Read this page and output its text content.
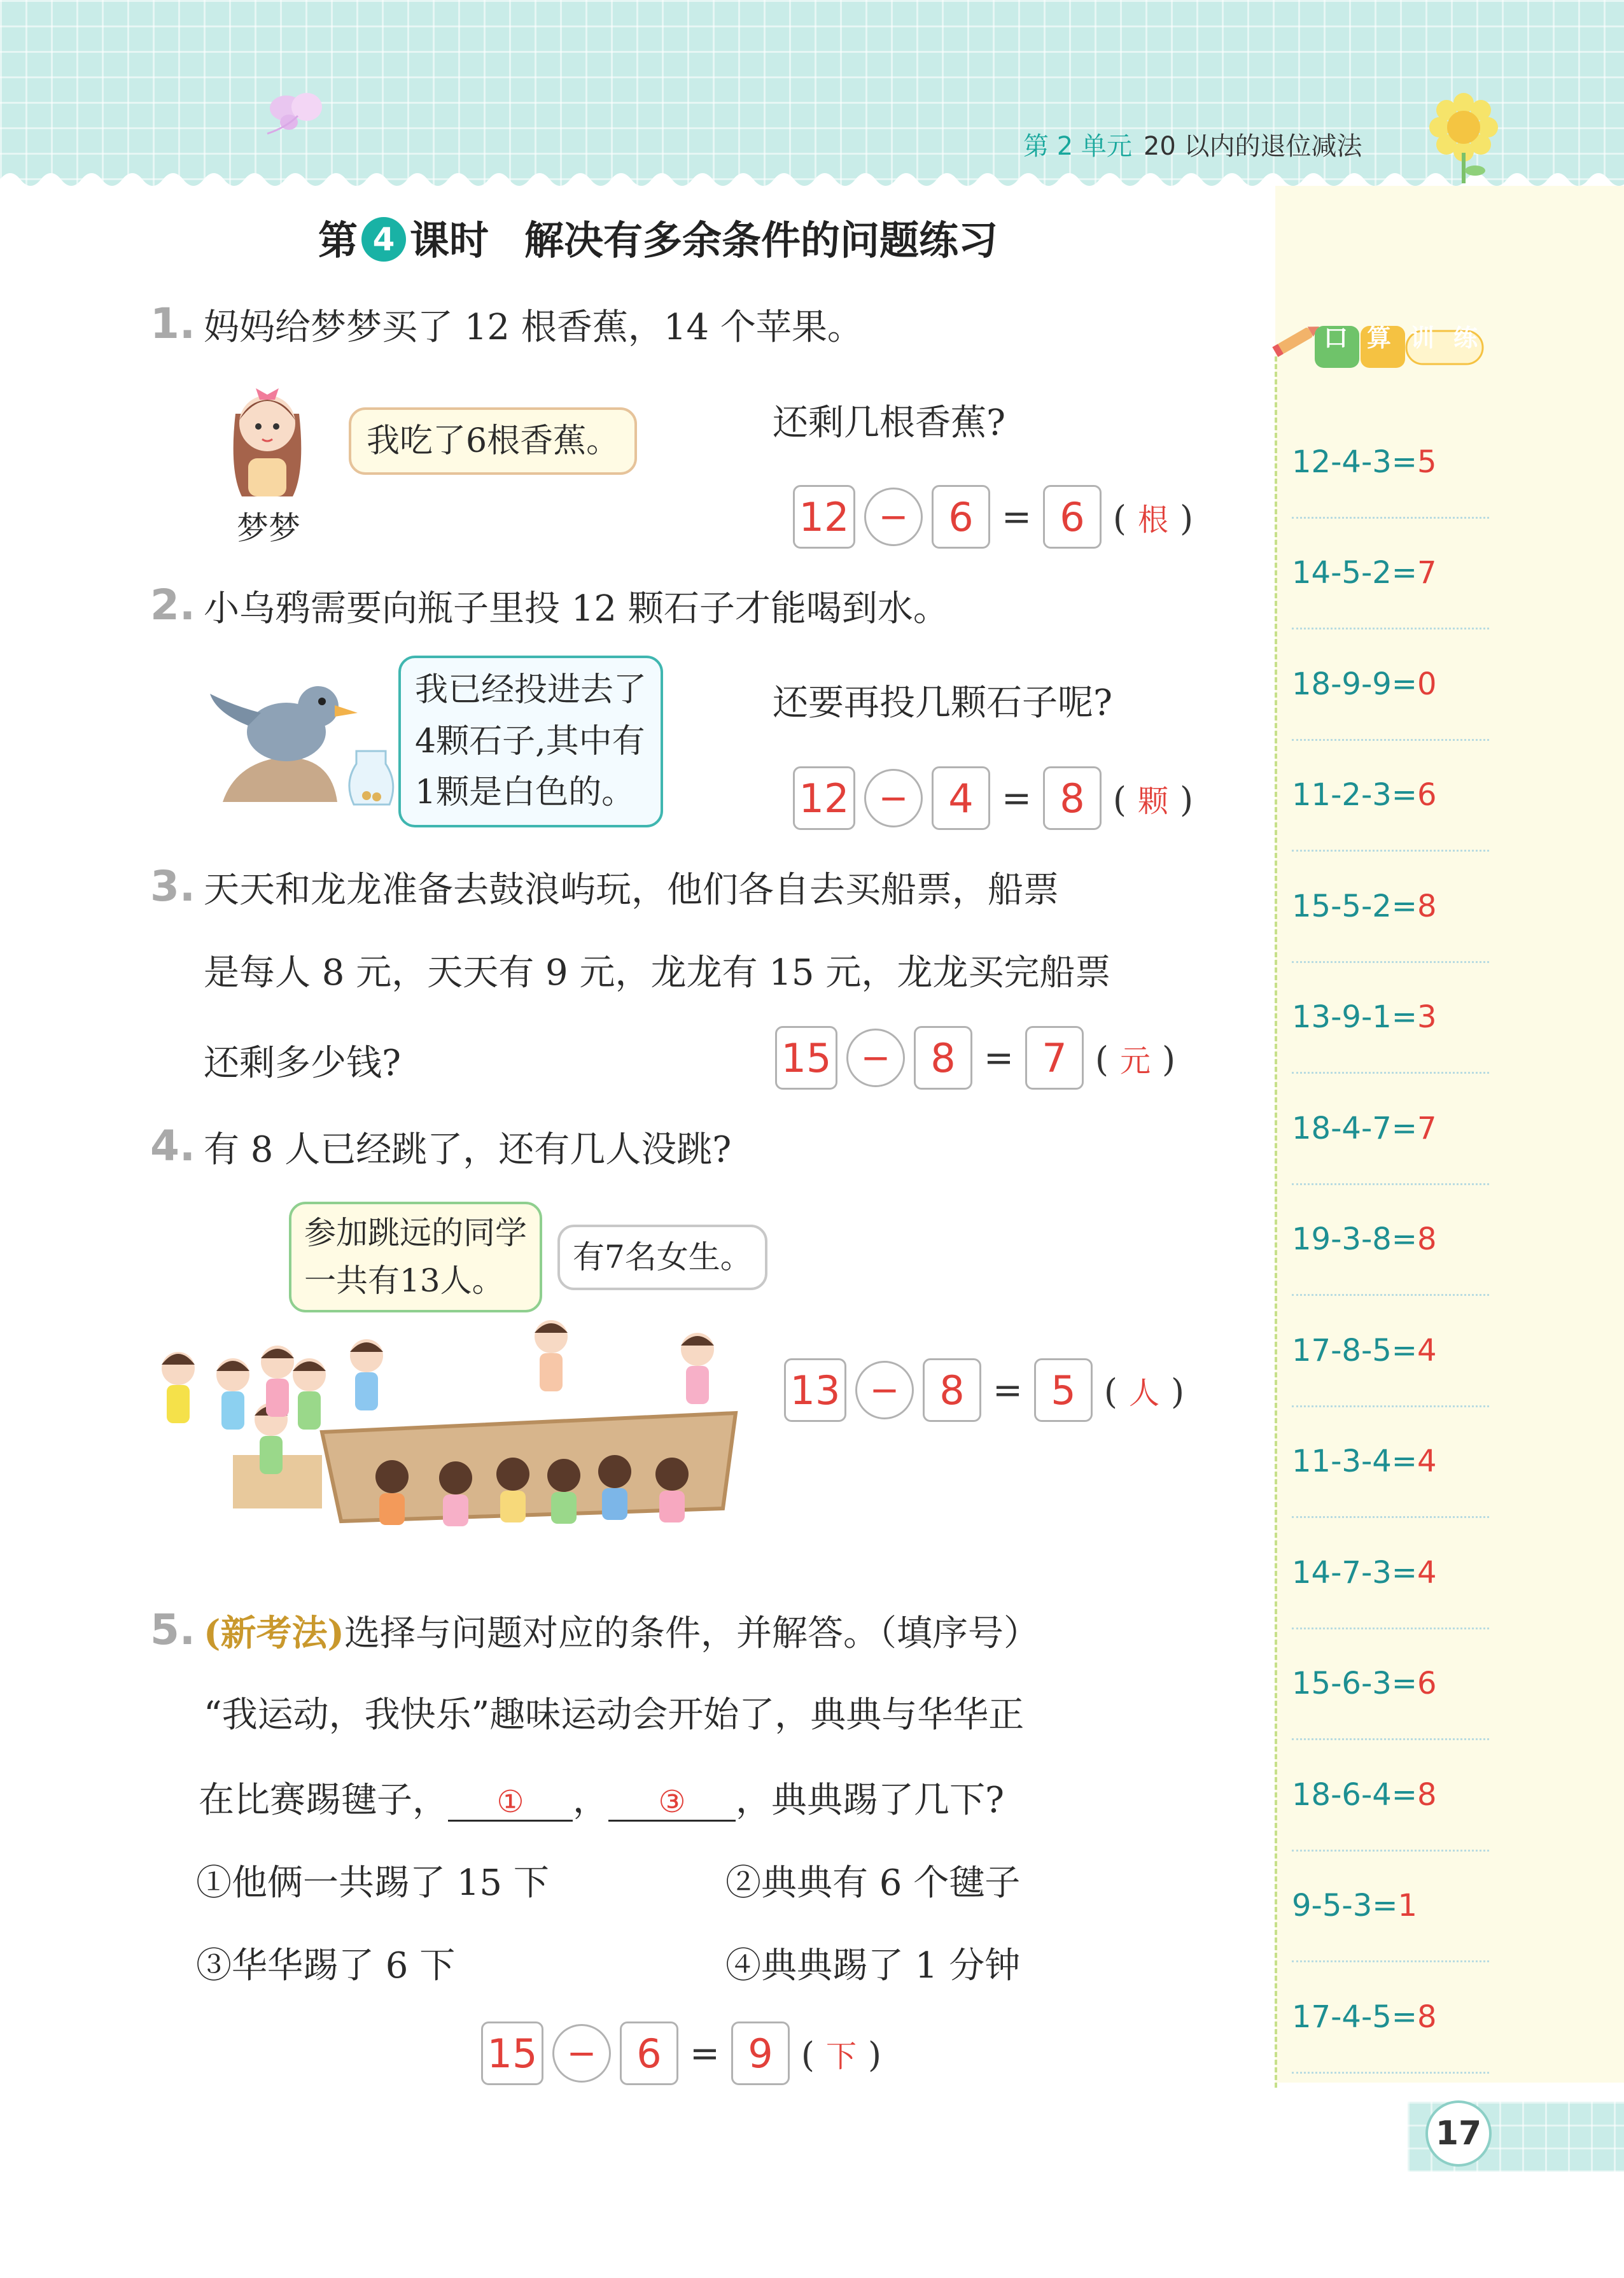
第 2 单元 20 以内的退位减法
口算训练
12-4-3= 5
14-5-2= 7
18-9-9= 0
11-2-3= 6
15-5-2= 8
13-9-1= 3
18-4-7= 7
19-3-8= 8
17-8-5= 4
11-3-4= 4
14-7-3= 4
15-6-3= 6
18-6-4= 8
9-5-3= 1
17-4-5= 8
第 4 课时 解决有多余条件的问题练习
1. 妈妈给梦梦买了 12 根香蕉，14 个苹果。
我吃了6根香蕉。
梦梦
还剩几根香蕉?
12 −	6 = 6 ( 根 )
2. 小乌鸦需要向瓶子里投 12 颗石子才能喝到水。
我已经投进去了
4颗石子,其中有
1颗是白色的。
还要再投几颗石子呢?
12 −	4 = 8 ( 颗 )
3. 天天和龙龙准备去鼓浪屿玩，他们各自去买船票，船票
是每人 8 元，天天有 9 元，龙龙有 15 元，龙龙买完船票
还剩多少钱?	15 −	8 = 7 ( 元 )
4. 有 8 人已经跳了，还有几人没跳?
参加跳远的同学
一共有13人。
有7名女生。
13 −	8 = 5 ( 人 )
5. (新考法)选择与问题对应的条件，并解答。（填序号）
“我运动，我快乐”趣味运动会开始了，典典与华华正
在比赛踢毽子， ① ， ③ ，典典踢了几下?
①他俩一共踢了 15 下	②典典有 6 个毽子
③华华踢了 6 下	④典典踢了 1 分钟
15 −	6 = 9 ( 下 )
17
